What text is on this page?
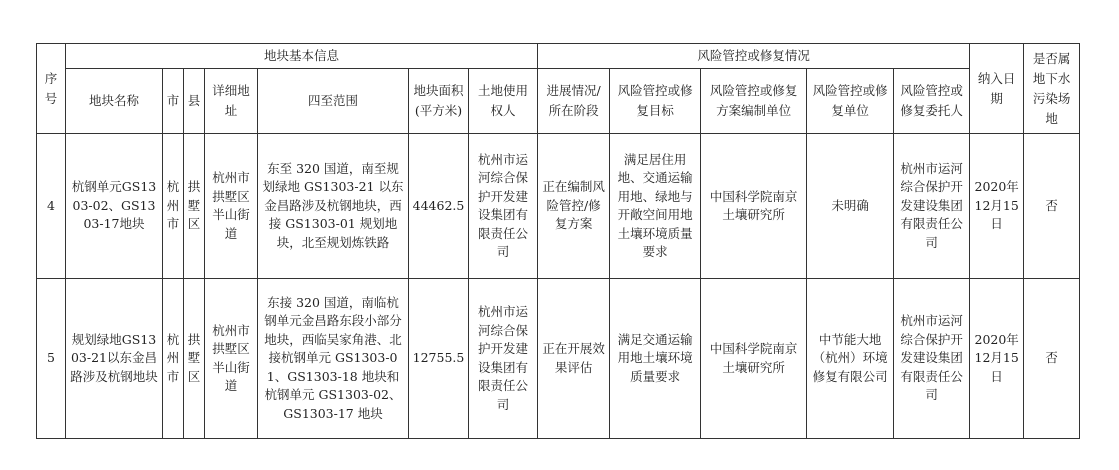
序号	地块基本信息							风险管控或修复情况					纳入日期	是否属地下水污染场地
	地块名称	市	县	详细地址	四至范围	地块面积(平方米)	土地使用权人	进展情况/所在阶段	风险管控或修复目标	风险管控或修复方案编制单位	风险管控或修复单位	风险管控或修复委托人		
4	杭钢单元GS1303-02、GS1303-17地块	杭州市	拱墅区	杭州市拱墅区半山街道	东至 320 国道，南至规划绿地 GS1303-21 以东金昌路涉及杭钢地块，西接 GS1303-01 规划地块，北至规划炼铁路	44462.5	杭州市运河综合保护开发建设集团有限责任公司	正在编制风险管控/修复方案	满足居住用地、交通运输用地、绿地与开敞空间用地土壤环境质量要求	中国科学院南京土壤研究所	未明确	杭州市运河综合保护开发建设集团有限责任公司	2020年12月15日	否
5	规划绿地GS1303-21以东金昌路涉及杭钢地块	杭州市	拱墅区	杭州市拱墅区半山街道	东接 320 国道，南临杭钢单元金昌路东段小部分地块，西临吴家角港、北接杭钢单元 GS1303-01、GS1303-18 地块和杭钢单元 GS1303-02、GS1303-17 地块	12755.5	杭州市运河综合保护开发建设集团有限责任公司	正在开展效果评估	满足交通运输用地土壤环境质量要求	中国科学院南京土壤研究所	中节能大地（杭州）环境修复有限公司	杭州市运河综合保护开发建设集团有限责任公司	2020年12月15日	否
